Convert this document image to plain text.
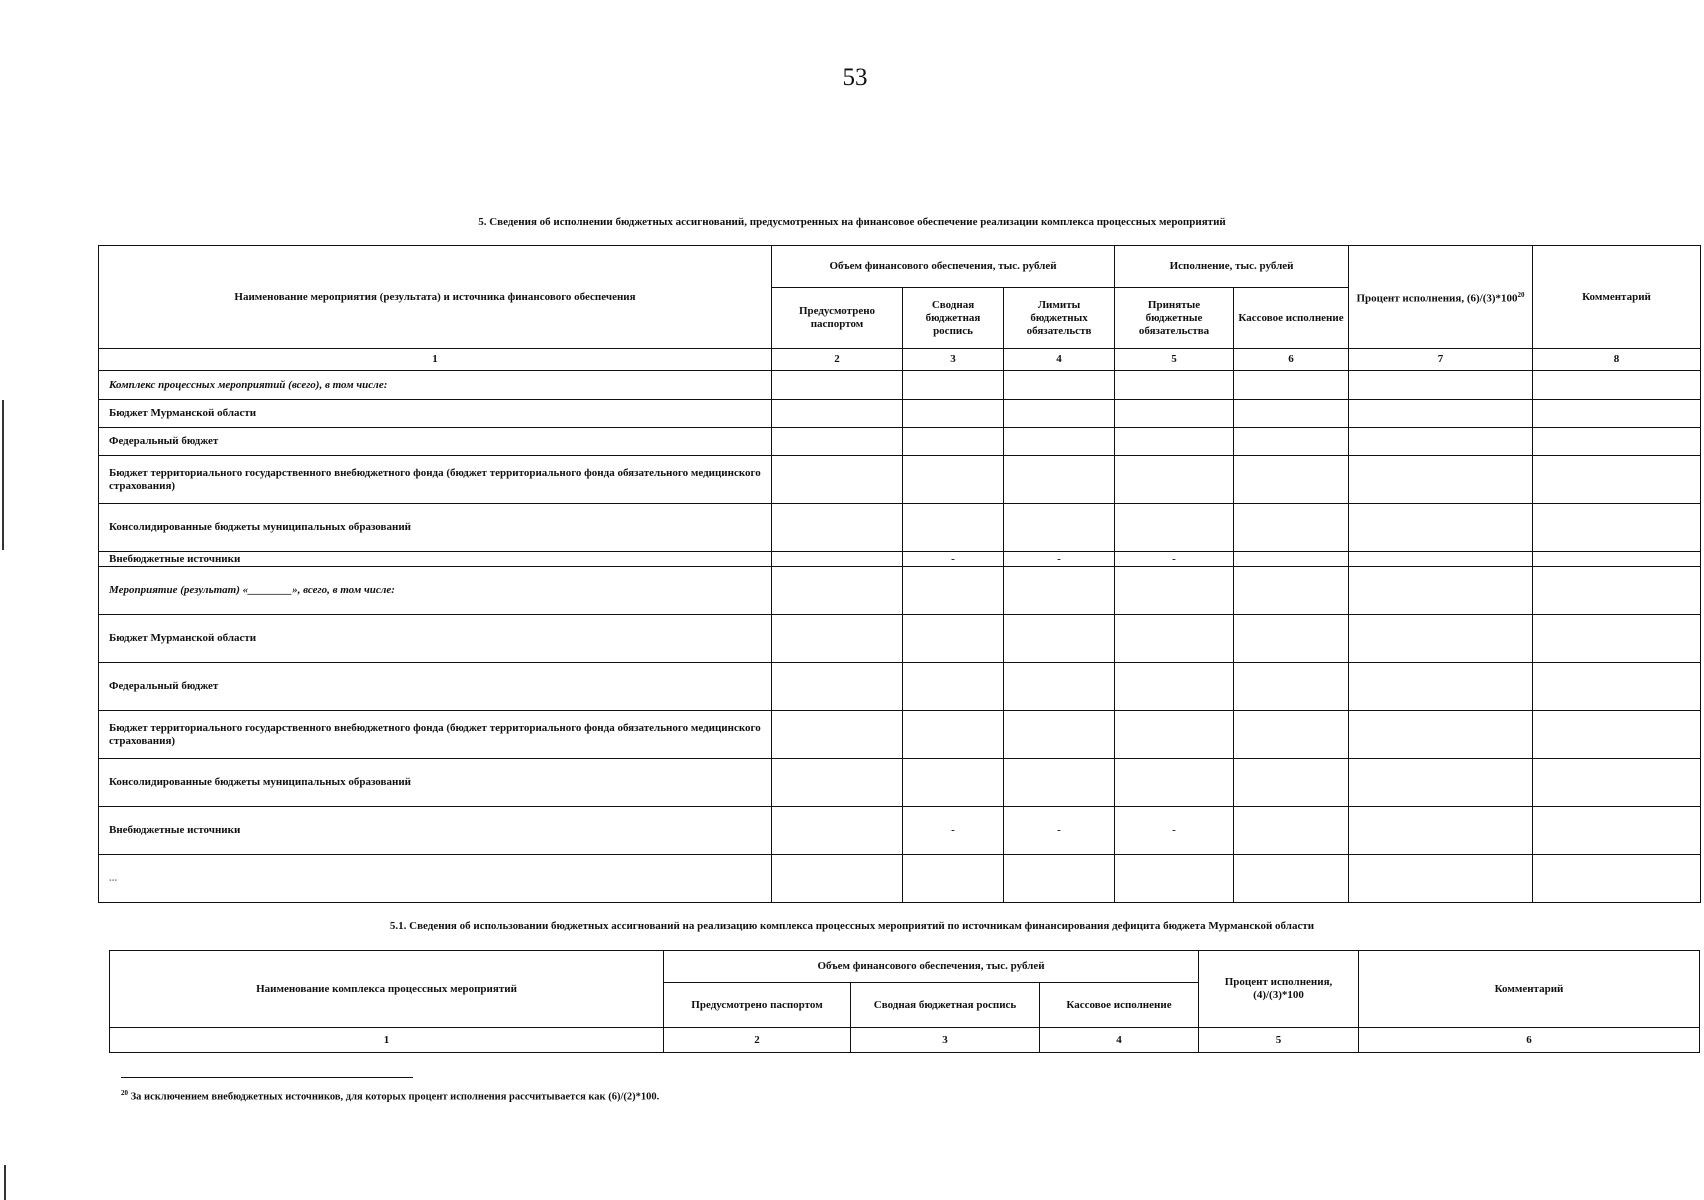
53
5. Сведения об исполнении бюджетных ассигнований, предусмотренных на финансовое обеспечение реализации комплекса процессных мероприятий
Наименование мероприятия (результата) и источника финансового обеспечения	Объем финансового обеспечения, тыс. рублей			Исполнение, тыс. рублей		Процент исполнения, $(6)/(3)*100^{20}$	Комментарий
	Предусмотрено паспортом	Сводная бюджетная роспись	Лимиты бюджетных обязательств	Принятые бюджетные обязательства	Кассовое исполнение		
1	2	3	4	5	6	7	8
Комплекс процессных мероприятий (всего), в том числе:							
Бюджет Мурманской области							
Федеральный бюджет							
Бюджет территориального государственного внебюджетного фонда (бюджет территориального фонда обязательного медицинского страхования)							
Консолидированные бюджеты муниципальных образований							
Внебюджетные источники		-	-	-			
Мероприятие (результат) «________», всего, в том числе:							
Бюджет Мурманской области							
Федеральный бюджет							
Бюджет территориального государственного внебюджетного фонда (бюджет территориального фонда обязательного медицинского страхования)							
Консолидированные бюджеты муниципальных образований							
Внебюджетные источники		-	-	-			
...							
5.1. Сведения об использовании бюджетных ассигнований на реализацию комплекса процессных мероприятий по источникам финансирования дефицита бюджета Мурманской области
Наименование комплекса процессных мероприятий	Объем финансового обеспечения, тыс. рублей			Процент исполнения, (4)/(3)*100	Комментарий
	Предусмотрено паспортом	Сводная бюджетная роспись	Кассовое исполнение		
1	2	3	4	5	6
$^{20}$ За исключением внебюджетных источников, для которых процент исполнения рассчитывается как (6)/(2)*100.
